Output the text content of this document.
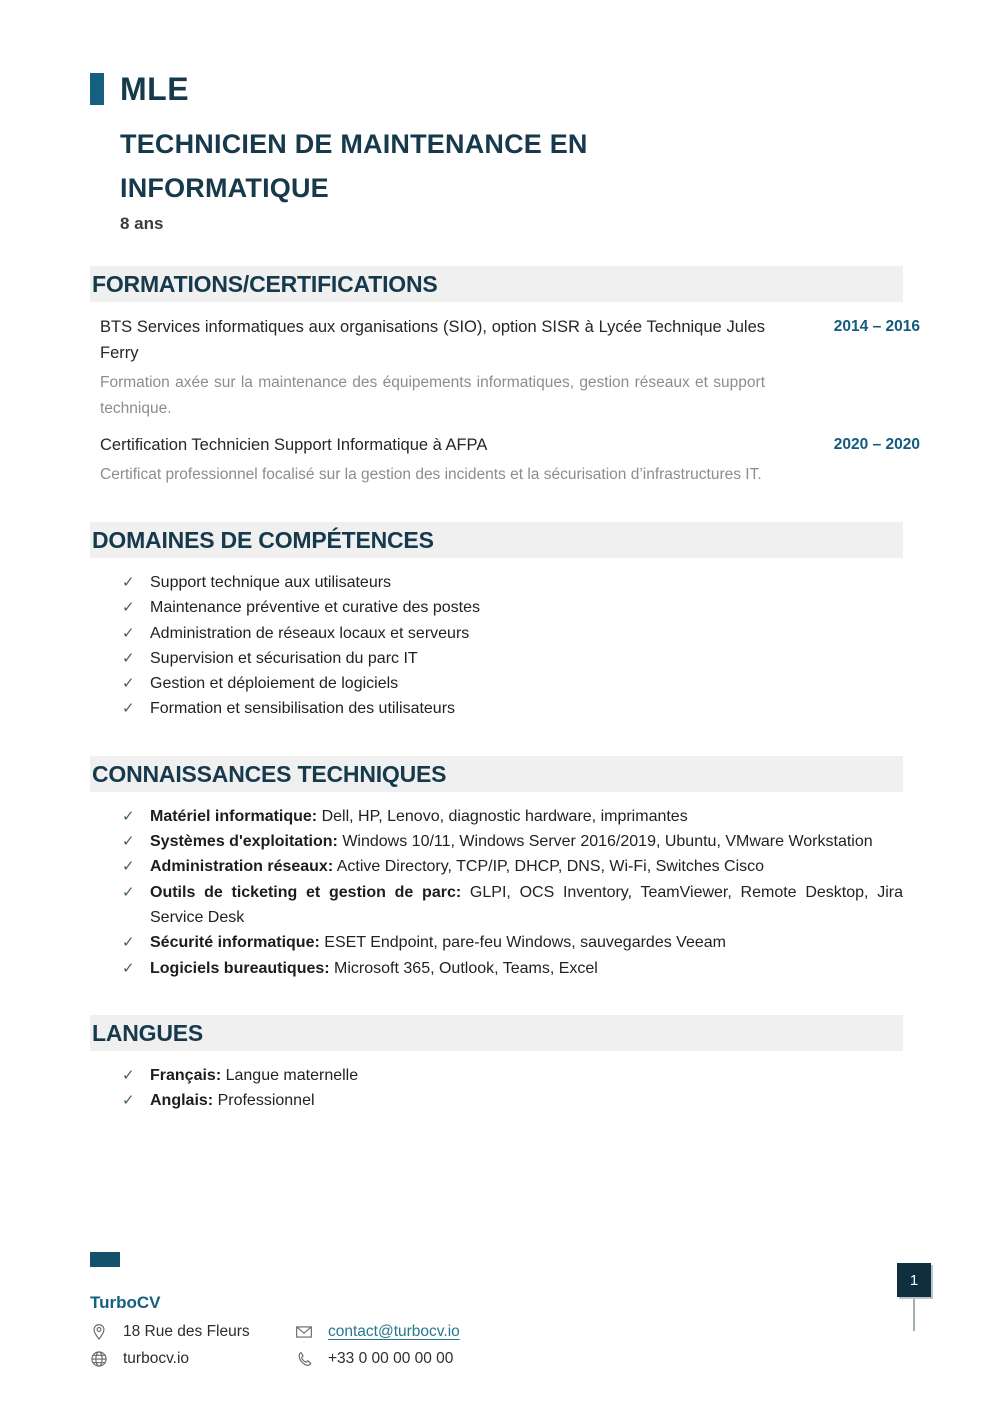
MLE
TECHNICIEN DE MAINTENANCE EN
INFORMATIQUE
8 ans
FORMATIONS/CERTIFICATIONS
BTS Services informatiques aux organisations (SIO), option SISR à Lycée Technique Jules Ferry

Formation axée sur la maintenance des équipements informatiques, gestion réseaux et support technique.

2014 – 2016
Certification Technicien Support Informatique à AFPA

Certificat professionnel focalisé sur la gestion des incidents et la sécurisation d’infrastructures IT.

2020 – 2020
DOMAINES DE COMPÉTENCES
✓ Support technique aux utilisateurs
✓ Maintenance préventive et curative des postes
✓ Administration de réseaux locaux et serveurs
✓ Supervision et sécurisation du parc IT
✓ Gestion et déploiement de logiciels
✓ Formation et sensibilisation des utilisateurs
CONNAISSANCES TECHNIQUES
✓ Matériel informatique: Dell, HP, Lenovo, diagnostic hardware, imprimantes
✓ Systèmes d'exploitation: Windows 10/11, Windows Server 2016/2019, Ubuntu, VMware Workstation
✓ Administration réseaux: Active Directory, TCP/IP, DHCP, DNS, Wi-Fi, Switches Cisco
✓ Outils de ticketing et gestion de parc: GLPI, OCS Inventory, TeamViewer, Remote Desktop, Jira Service Desk
✓ Sécurité informatique: ESET Endpoint, pare-feu Windows, sauvegardes Veeam
✓ Logiciels bureautiques: Microsoft 365, Outlook, Teams, Excel
LANGUES
✓ Français: Langue maternelle
✓ Anglais: Professionnel
TurboCV
18 Rue des Fleurs	contact@turbocv.io
turbocv.io	+33 0 00 00 00 00
1
